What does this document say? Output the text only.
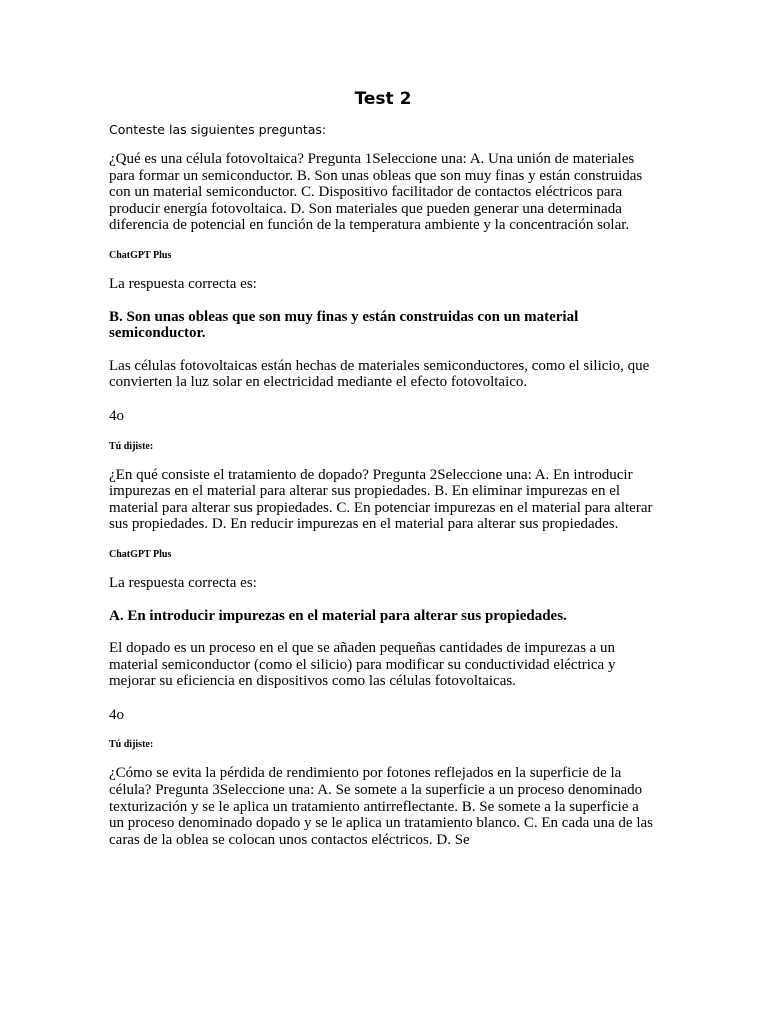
Test 2

Conteste las siguientes preguntas:

¿Qué es una célula fotovoltaica? Pregunta 1Seleccione una: A. Una unión de materiales para formar un semiconductor. B. Son unas obleas que son muy finas y están construidas con un material semiconductor. C. Dispositivo facilitador de contactos eléctricos para producir energía fotovoltaica. D. Son materiales que pueden generar una determinada diferencia de potencial en función de la temperatura ambiente y la concentración solar.

ChatGPT Plus

La respuesta correcta es:

B. Son unas obleas que son muy finas y están construidas con un material semiconductor.

Las células fotovoltaicas están hechas de materiales semiconductores, como el silicio, que convierten la luz solar en electricidad mediante el efecto fotovoltaico.

4o

Tú dijiste:

¿En qué consiste el tratamiento de dopado? Pregunta 2Seleccione una: A. En introducir impurezas en el material para alterar sus propiedades. B. En eliminar impurezas en el material para alterar sus propiedades. C. En potenciar impurezas en el material para alterar sus propiedades. D. En reducir impurezas en el material para alterar sus propiedades.

ChatGPT Plus

La respuesta correcta es:

A. En introducir impurezas en el material para alterar sus propiedades.

El dopado es un proceso en el que se añaden pequeñas cantidades de impurezas a un material semiconductor (como el silicio) para modificar su conductividad eléctrica y mejorar su eficiencia en dispositivos como las células fotovoltaicas.

4o

Tú dijiste:

¿Cómo se evita la pérdida de rendimiento por fotones reflejados en la superficie de la célula? Pregunta 3Seleccione una: A. Se somete a la superficie a un proceso denominado texturización y se le aplica un tratamiento antirreflectante. B. Se somete a la superficie a un proceso denominado dopado y se le aplica un tratamiento blanco. C. En cada una de las caras de la oblea se colocan unos contactos eléctricos. D. Se
